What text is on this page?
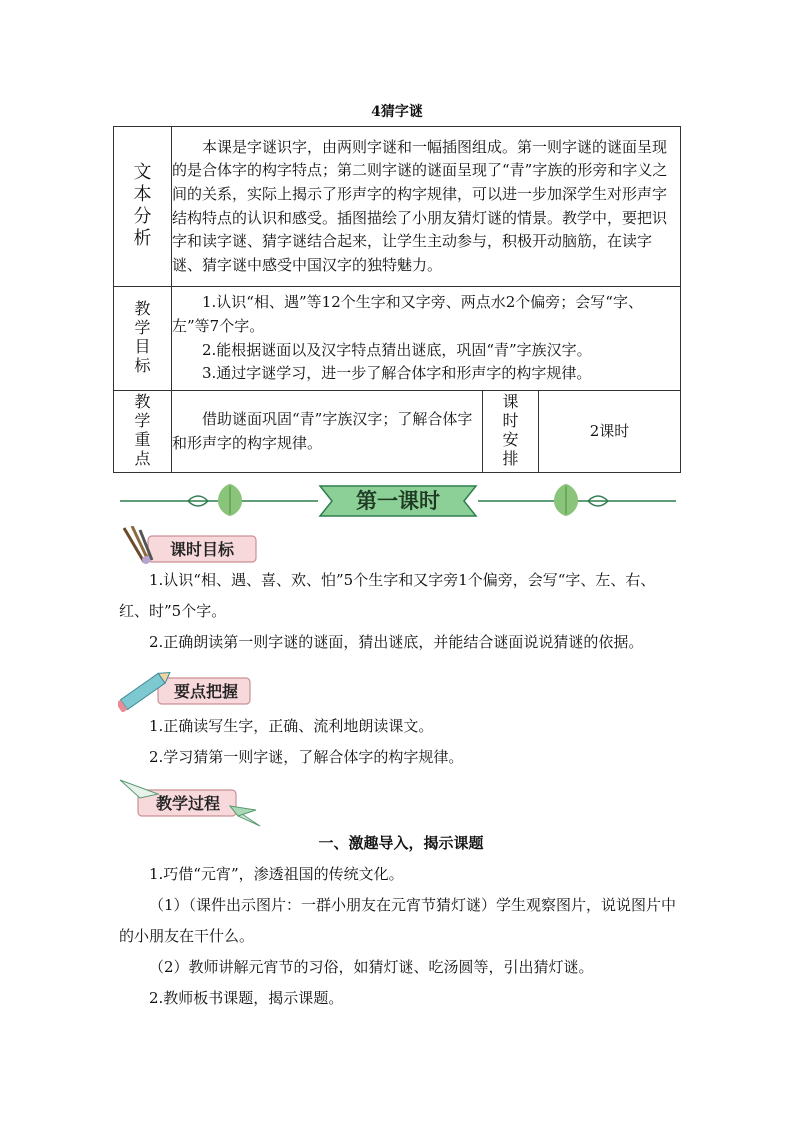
4猜字谜
文本分析	本课是字谜识字，由两则字谜和一幅插图组成。第一则字谜的谜面呈现的是合体字的构字特点；第二则字谜的谜面呈现了“青”字族的形旁和字义之间的关系，实际上揭示了形声字的构字规律，可以进一步加深学生对形声字结构特点的认识和感受。插图描绘了小朋友猜灯谜的情景。教学中，要把识字和读字谜、猜字谜结合起来，让学生主动参与，积极开动脑筋，在读字谜、猜字谜中感受中国汉字的独特魅力。		

教学目标	1.认识“相、遇”等12个生字和又字旁、两点水2个偏旁；会写“字、左”等7个字。

2.能根据谜面以及汉字特点猜出谜底，巩固“青”字族汉字。

3.通过字谜学习，进一步了解合体字和形声字的构字规律。		

教学重点	借助谜面巩固“青”字族汉字；了解合体字和形声字的构字规律。	课时安排	2课时
第一课时
课时目标

1.认识“相、遇、喜、欢、怕”5个生字和又字旁1个偏旁，会写“字、左、右、红、时”5个字。

2.正确朗读第一则字谜的谜面，猜出谜底，并能结合谜面说说猜谜的依据。

要点把握

1.正确读写生字，正确、流利地朗读课文。

2.学习猜第一则字谜，了解合体字的构字规律。

教学过程

一、激趣导入，揭示课题

1.巧借“元宵”，渗透祖国的传统文化。

（1）（课件出示图片：一群小朋友在元宵节猜灯谜）学生观察图片，说说图片中的小朋友在干什么。

（2）教师讲解元宵节的习俗，如猜灯谜、吃汤圆等，引出猜灯谜。

2.教师板书课题，揭示课题。
